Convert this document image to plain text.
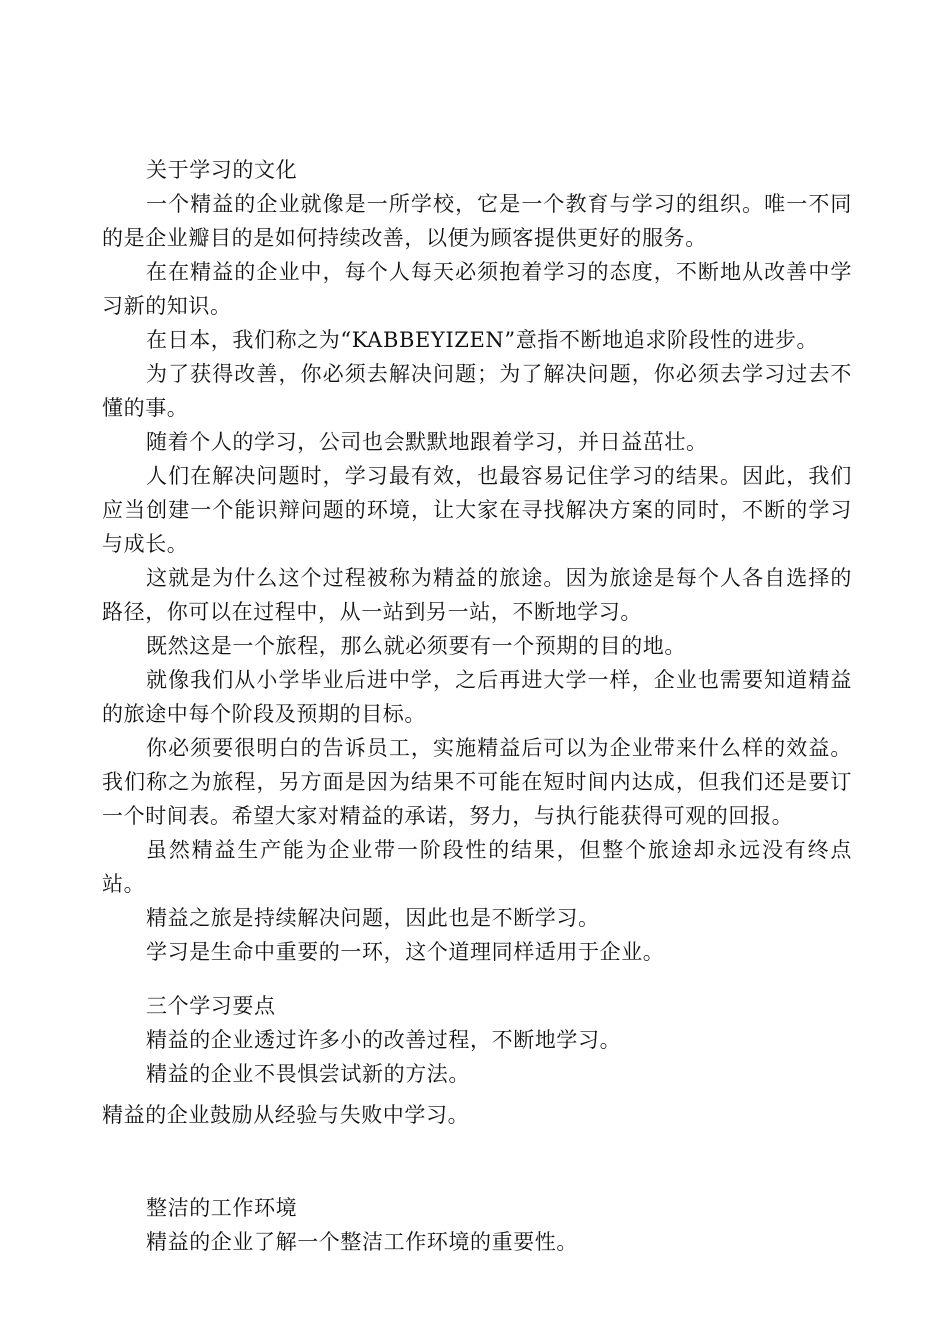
关于学习的文化
一个精益的企业就像是一所学校，它是一个教育与学习的组织。唯一不同的是企业瓣目的是如何持续改善，以便为顾客提供更好的服务。
在在精益的企业中，每个人每天必须抱着学习的态度，不断地从改善中学习新的知识。
在日本，我们称之为“KABBEYIZEN”意指不断地追求阶段性的进步。
为了获得改善，你必须去解决问题；为了解决问题，你必须去学习过去不懂的事。
随着个人的学习，公司也会默默地跟着学习，并日益茁壮。
人们在解决问题时，学习最有效，也最容易记住学习的结果。因此，我们应当创建一个能识辩问题的环境，让大家在寻找解决方案的同时，不断的学习与成长。
这就是为什么这个过程被称为精益的旅途。因为旅途是每个人各自选择的路径，你可以在过程中，从一站到另一站，不断地学习。
既然这是一个旅程，那么就必须要有一个预期的目的地。
就像我们从小学毕业后进中学，之后再进大学一样，企业也需要知道精益的旅途中每个阶段及预期的目标。
你必须要很明白的告诉员工，实施精益后可以为企业带来什么样的效益。我们称之为旅程，另方面是因为结果不可能在短时间内达成，但我们还是要订一个时间表。希望大家对精益的承诺，努力，与执行能获得可观的回报。
虽然精益生产能为企业带一阶段性的结果，但整个旅途却永远没有终点站。
精益之旅是持续解决问题，因此也是不断学习。
学习是生命中重要的一环，这个道理同样适用于企业。
三个学习要点
精益的企业透过许多小的改善过程，不断地学习。
精益的企业不畏惧尝试新的方法。
精益的企业鼓励从经验与失败中学习。
整洁的工作环境
精益的企业了解一个整洁工作环境的重要性。
